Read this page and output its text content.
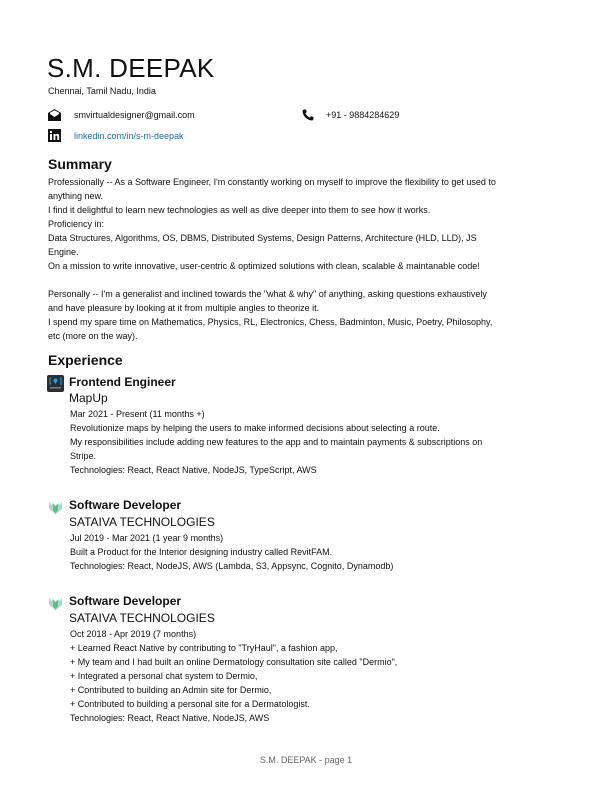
S.M. DEEPAK
Chennai, Tamil Nadu, India
smvirtualdesigner@gmail.com	+91 - 9884284629
linkedin.com/in/s-m-deepak
Summary
Professionally -- As a Software Engineer, I'm constantly working on myself to improve the flexibility to get used to
anything new.
I find it delightful to learn new technologies as well as dive deeper into them to see how it works.
Proficiency in:
Data Structures, Algorithms, OS, DBMS, Distributed Systems, Design Patterns, Architecture (HLD, LLD), JS
Engine.
On a mission to write innovative, user-centric & optimized solutions with clean, scalable & maintanable code!
Personally -- I'm a generalist and inclined towards the "what & why" of anything, asking questions exhaustively
and have pleasure by looking at it from multiple angles to theorize it.
I spend my spare time on Mathematics, Physics, RL, Electronics, Chess, Badminton, Music, Poetry, Philosophy,
etc (more on the way).
Experience
Frontend Engineer
MapUp
Mar 2021 - Present (11 months +)
Revolutionize maps by helping the users to make informed decisions about selecting a route.
My responsibilities include adding new features to the app and to maintain payments & subscriptions on
Stripe.
Technologies: React, React Native, NodeJS, TypeScript, AWS
Software Developer
SATAIVA TECHNOLOGIES
Jul 2019 - Mar 2021 (1 year 9 months)
Built a Product for the Interior designing industry called RevitFAM.
Technologies: React, NodeJS, AWS (Lambda, S3, Appsync, Cognito, Dynamodb)
Software Developer
SATAIVA TECHNOLOGIES
Oct 2018 - Apr 2019 (7 months)
+ Learned React Native by contributing to "TryHaul", a fashion app,
+ My team and I had built an online Dermatology consultation site called "Dermio",
+ Integrated a personal chat system to Dermio,
+ Contributed to building an Admin site for Dermio,
+ Contributed to building a personal site for a Dermatologist.
Technologies: React, React Native, NodeJS, AWS
S.M. DEEPAK - page 1
